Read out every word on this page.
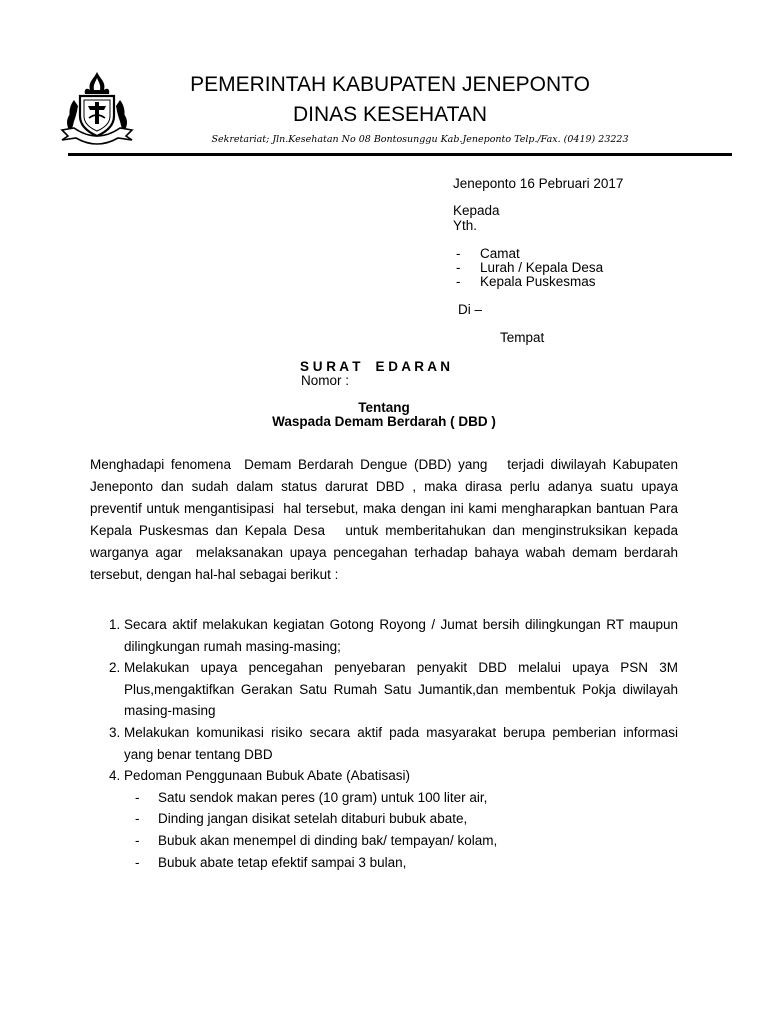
PEMERINTAH KABUPATEN JENEPONTO
DINAS KESEHATAN
Sekretariat; Jln.Kesehatan No 08 Bontosunggu Kab.Jeneponto Telp./Fax. (0419) 23223
Jeneponto 16 Pebruari 2017
Kepada
Yth.
- Camat
- Lurah / Kepala Desa
- Kepala Puskesmas
Di –
Tempat
S U R A T    E D A R A N
Nomor :
Tentang
Waspada Demam Berdarah ( DBD )
Menghadapi fenomena  Demam Berdarah Dengue (DBD) yang   terjadi diwilayah Kabupaten Jeneponto dan sudah dalam status darurat DBD , maka dirasa perlu adanya suatu upaya preventif untuk mengantisipasi  hal tersebut, maka dengan ini kami mengharapkan bantuan Para Kepala Puskesmas dan Kepala Desa   untuk memberitahukan dan menginstruksikan kepada warganya agar  melaksanakan upaya pencegahan terhadap bahaya wabah demam berdarah tersebut, dengan hal-hal sebagai berikut :
1. Secara aktif melakukan kegiatan Gotong Royong / Jumat bersih dilingkungan RT maupun   dilingkungan rumah masing-masing;
2. Melakukan upaya pencegahan penyebaran penyakit DBD melalui upaya PSN 3M Plus,mengaktifkan Gerakan Satu Rumah Satu Jumantik,dan membentuk Pokja diwilayah masing-masing
3. Melakukan komunikasi risiko secara aktif pada masyarakat berupa pemberian informasi yang benar tentang DBD
4. Pedoman Penggunaan Bubuk Abate (Abatisasi)
- Satu sendok makan peres (10 gram) untuk 100 liter air,
- Dinding jangan disikat setelah ditaburi bubuk abate,
- Bubuk akan menempel di dinding bak/ tempayan/ kolam,
- Bubuk abate tetap efektif sampai 3 bulan,
